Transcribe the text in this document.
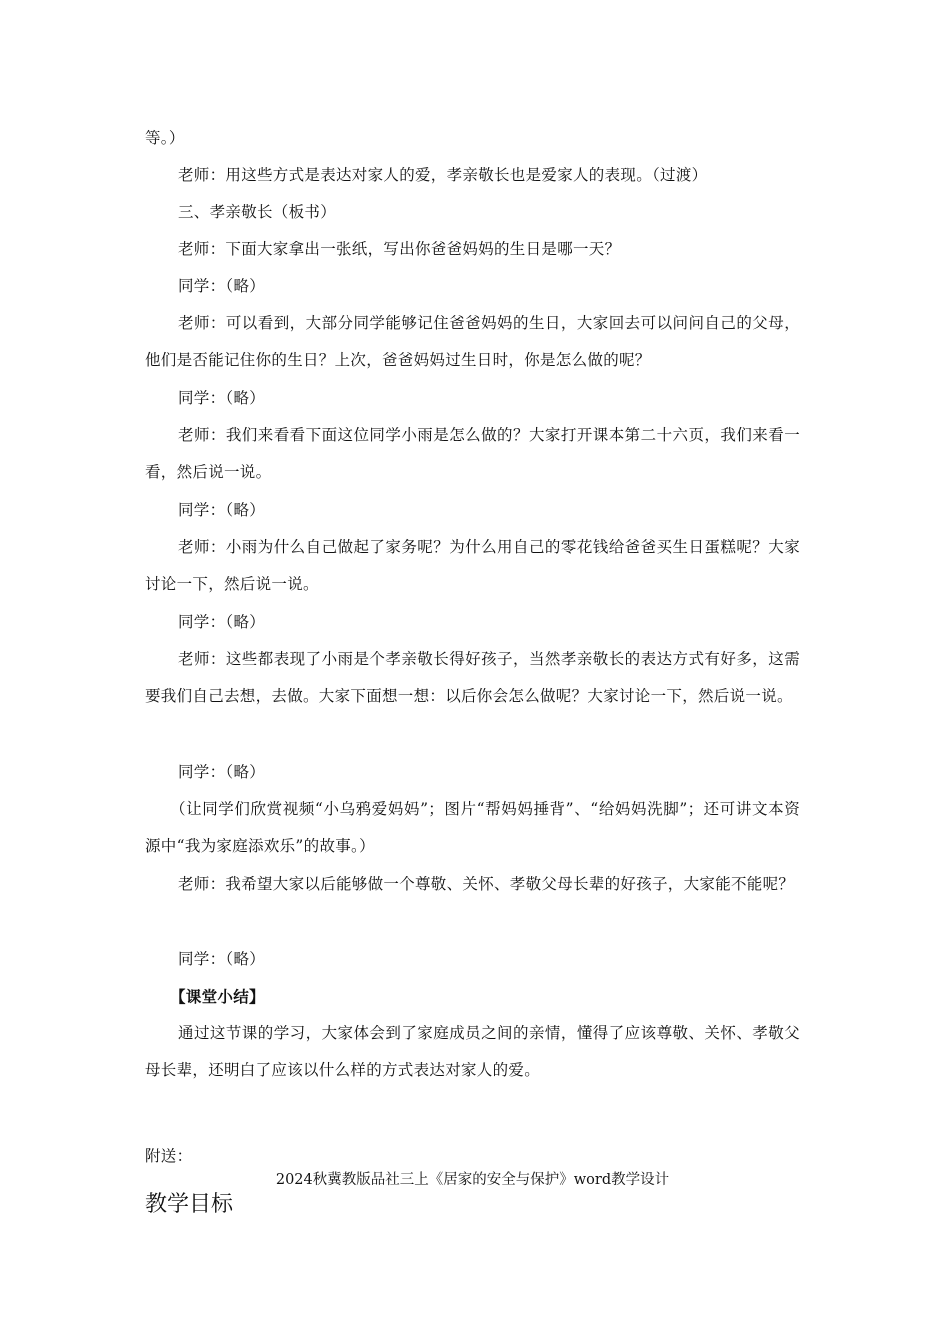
等。）

老师：用这些方式是表达对家人的爱，孝亲敬长也是爱家人的表现。（过渡）

三、孝亲敬长（板书）

老师：下面大家拿出一张纸，写出你爸爸妈妈的生日是哪一天？

同学：（略）

老师：可以看到，大部分同学能够记住爸爸妈妈的生日，大家回去可以问问自己的父母，他们是否能记住你的生日？上次，爸爸妈妈过生日时，你是怎么做的呢？

同学：（略）

老师：我们来看看下面这位同学小雨是怎么做的？大家打开课本第二十六页，我们来看一看，然后说一说。

同学：（略）

老师：小雨为什么自己做起了家务呢？为什么用自己的零花钱给爸爸买生日蛋糕呢？大家讨论一下，然后说一说。

同学：（略）

老师：这些都表现了小雨是个孝亲敬长得好孩子，当然孝亲敬长的表达方式有好多，这需要我们自己去想，去做。大家下面想一想：以后你会怎么做呢？大家讨论一下，然后说一说。

同学：（略）

（让同学们欣赏视频“小乌鸦爱妈妈”；图片“帮妈妈捶背”、“给妈妈洗脚”；还可讲文本资源中“我为家庭添欢乐”的故事。）

老师：我希望大家以后能够做一个尊敬、关怀、孝敬父母长辈的好孩子，大家能不能呢？

同学：（略）

【课堂小结】

通过这节课的学习，大家体会到了家庭成员之间的亲情，懂得了应该尊敬、关怀、孝敬父母长辈，还明白了应该以什么样的方式表达对家人的爱。

附送：

2024秋冀教版品社三上《居家的安全与保护》word教学设计

教学目标
